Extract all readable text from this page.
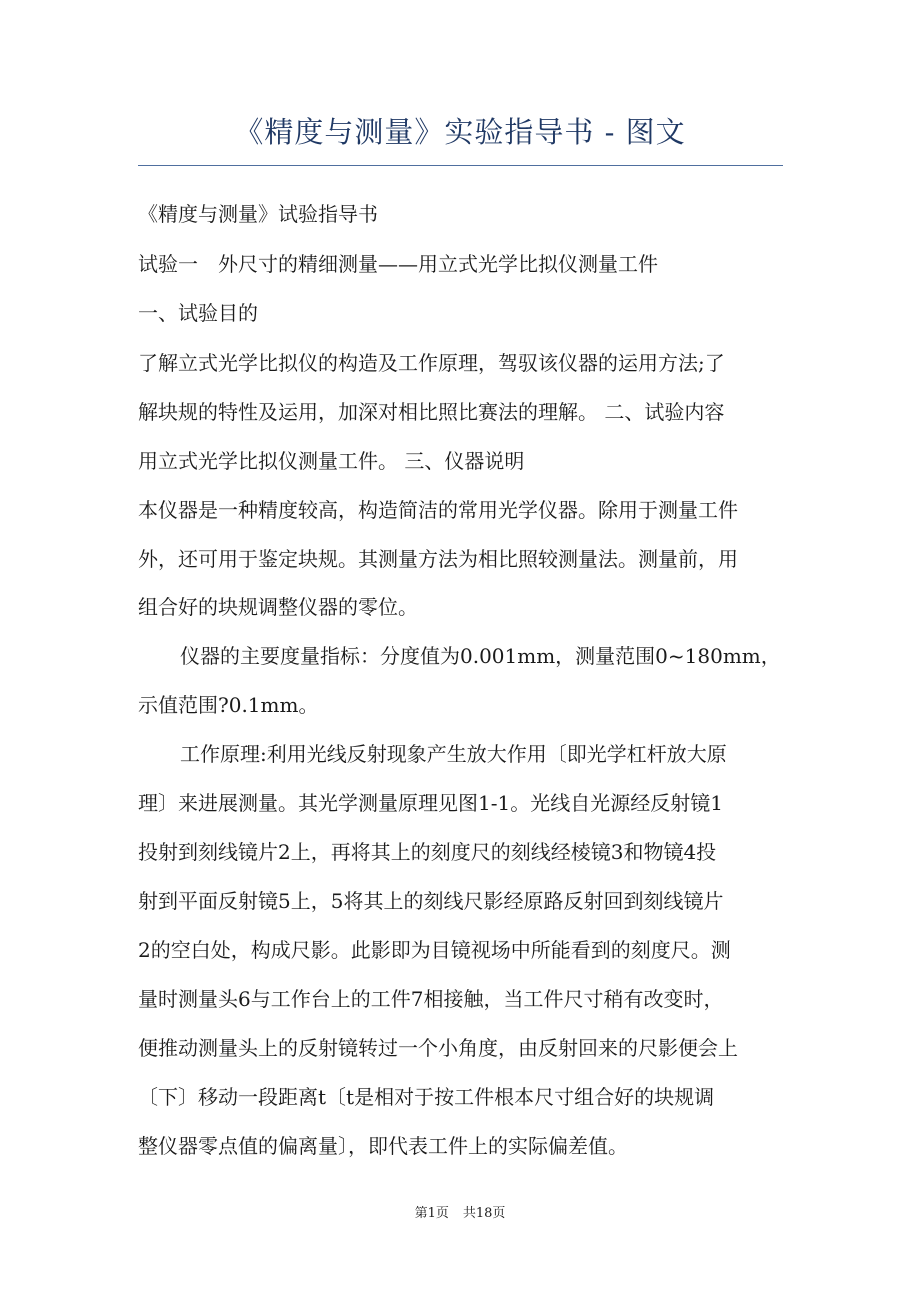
《精度与测量》实验指导书 - 图文
《精度与测量》试验指导书
试验一　外尺寸的精细测量——用立式光学比拟仪测量工件
一、试验目的
了解立式光学比拟仪的构造及工作原理，驾驭该仪器的运用方法;了
解块规的特性及运用，加深对相比照比赛法的理解。 二、试验内容
用立式光学比拟仪测量工件。 三、仪器说明
本仪器是一种精度较高，构造简洁的常用光学仪器。除用于测量工件
外，还可用于鉴定块规。其测量方法为相比照较测量法。测量前，用
组合好的块规调整仪器的零位。
仪器的主要度量指标：分度值为0.001mm，测量范围0~180mm，
示值范围?0.1mm。
工作原理:利用光线反射现象产生放大作用〔即光学杠杆放大原
理〕来进展测量。其光学测量原理见图1-1。光线自光源经反射镜1
投射到刻线镜片2上，再将其上的刻度尺的刻线经棱镜3和物镜4投
射到平面反射镜5上，5将其上的刻线尺影经原路反射回到刻线镜片
2的空白处，构成尺影。此影即为目镜视场中所能看到的刻度尺。测
量时测量头6与工作台上的工件7相接触，当工件尺寸稍有改变时，
便推动测量头上的反射镜转过一个小角度，由反射回来的尺影便会上
〔下〕移动一段距离t〔t是相对于按工件根本尺寸组合好的块规调
整仪器零点值的偏离量〕，即代表工件上的实际偏差值。
第1页 共18页
